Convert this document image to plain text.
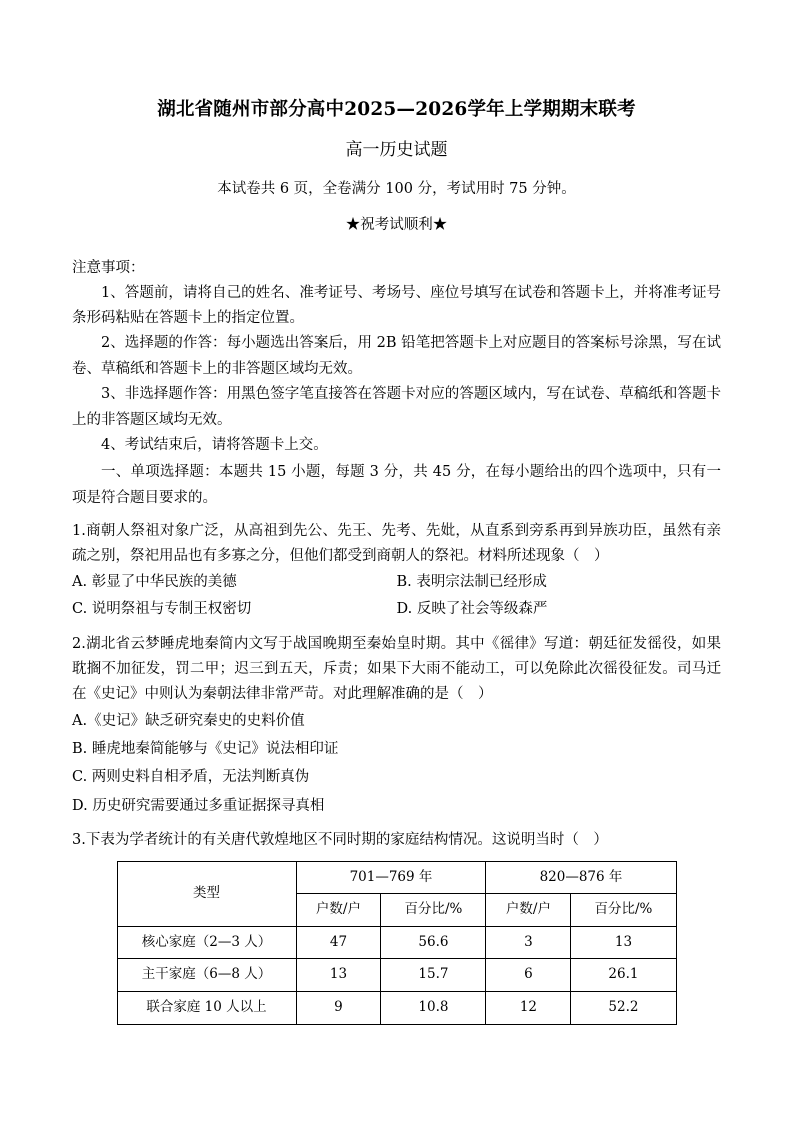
湖北省随州市部分高中2025—2026学年上学期期末联考
高一历史试题
本试卷共 6 页，全卷满分 100 分，考试用时 75 分钟。
★祝考试顺利★
注意事项：
1、答题前，请将自己的姓名、准考证号、考场号、座位号填写在试卷和答题卡上，并将准考证号条形码粘贴在答题卡上的指定位置。
2、选择题的作答：每小题选出答案后，用 2B 铅笔把答题卡上对应题目的答案标号涂黑，写在试卷、草稿纸和答题卡上的非答题区域均无效。
3、非选择题作答：用黑色签字笔直接答在答题卡对应的答题区域内，写在试卷、草稿纸和答题卡上的非答题区域均无效。
4、考试结束后，请将答题卡上交。
一、单项选择题：本题共 15 小题，每题 3 分，共 45 分，在每小题给出的四个选项中，只有一项是符合题目要求的。
1.商朝人祭祖对象广泛，从高祖到先公、先王、先考、先妣，从直系到旁系再到异族功臣，虽然有亲疏之别，祭祀用品也有多寡之分，但他们都受到商朝人的祭祀。材料所述现象（　）
A. 彰显了中华民族的美德	B. 表明宗法制已经形成
C. 说明祭祖与专制王权密切	D. 反映了社会等级森严
2.湖北省云梦睡虎地秦简内文写于战国晚期至秦始皇时期。其中《徭律》写道：朝廷征发徭役，如果耽搁不加征发，罚二甲；迟三到五天，斥责；如果下大雨不能动工，可以免除此次徭役征发。司马迁在《史记》中则认为秦朝法律非常严苛。对此理解准确的是（　）
A.《史记》缺乏研究秦史的史料价值
B. 睡虎地秦简能够与《史记》说法相印证
C. 两则史料自相矛盾，无法判断真伪
D. 历史研究需要通过多重证据探寻真相
3.下表为学者统计的有关唐代敦煌地区不同时期的家庭结构情况。这说明当时（　）
类型	701—769 年		820—876 年	
	户数/户	百分比/%	户数/户	百分比/%
核心家庭（2—3 人）	47	56.6	3	13
主干家庭（6—8 人）	13	15.7	6	26.1
联合家庭 10 人以上	9	10.8	12	52.2
